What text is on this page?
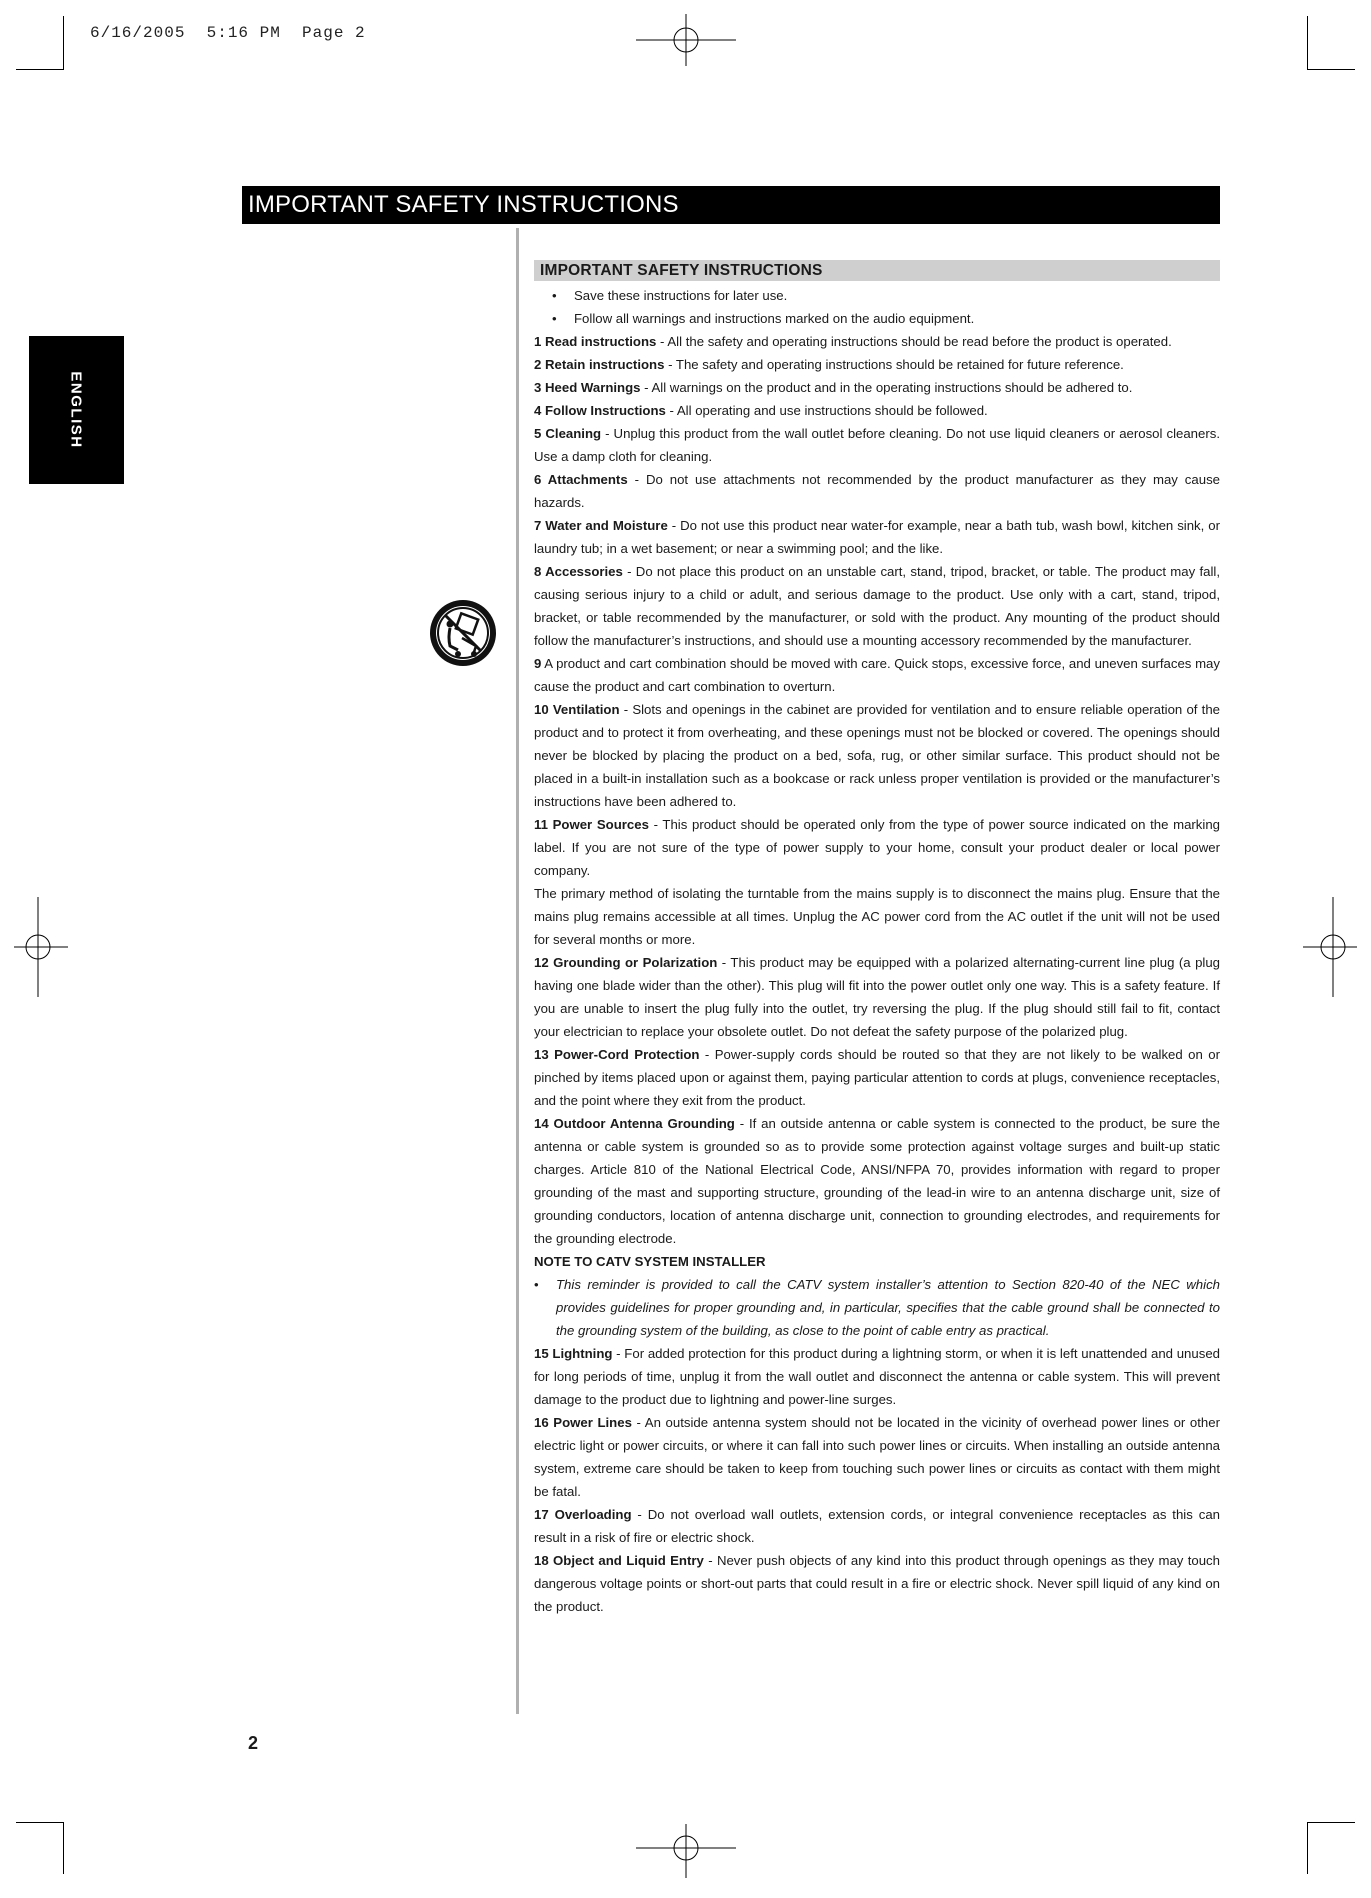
6/16/2005  5:16 PM  Page 2
IMPORTANT SAFETY INSTRUCTIONS
ENGLISH
IMPORTANT SAFETY INSTRUCTIONS
•	Save these instructions for later use.
•	Follow all warnings and instructions marked on the audio equipment.

1 Read instructions - All the safety and operating instructions should be read before the product is operated.

2 Retain instructions - The safety and operating instructions should be retained for future reference.

3 Heed Warnings - All warnings on the product and in the operating instructions should be adhered to.

4 Follow Instructions - All operating and use instructions should be followed.

5 Cleaning - Unplug this product from the wall outlet before cleaning. Do not use liquid cleaners or aerosol cleaners. Use a damp cloth for cleaning.

6 Attachments - Do not use attachments not recommended by the product manufacturer as they may cause hazards.

7 Water and Moisture - Do not use this product near water-for example, near a bath tub, wash bowl, kitchen sink, or laundry tub; in a wet basement; or near a swimming pool; and the like.

8 Accessories - Do not place this product on an unstable cart, stand, tripod, bracket, or table. The product may fall, causing serious injury to a child or adult, and serious damage to the product. Use only with a cart, stand, tripod, bracket, or table recommended by the manufacturer, or sold with the product. Any mounting of the product should follow the manufacturer’s instructions, and should use a mounting accessory recommended by the manufacturer.

9 A product and cart combination should be moved with care. Quick stops, excessive force, and uneven surfaces may cause the product and cart combination to overturn.

10 Ventilation - Slots and openings in the cabinet are provided for ventilation and to ensure reliable operation of the product and to protect it from overheating, and these openings must not be blocked or covered. The openings should never be blocked by placing the product on a bed, sofa, rug, or other similar surface. This product should not be placed in a built-in installation such as a bookcase or rack unless proper ventilation is provided or the manufacturer’s instructions have been adhered to.

11 Power Sources - This product should be operated only from the type of power source indicated on the marking label. If you are not sure of the type of power supply to your home, consult your product dealer or local power company.

The primary method of isolating the turntable from the mains supply is to disconnect the mains plug. Ensure that the mains plug remains accessible at all times. Unplug the AC power cord from the AC outlet if the unit will not be used for several months or more.

12 Grounding or Polarization - This product may be equipped with a polarized alternating-current line plug (a plug having one blade wider than the other). This plug will fit into the power outlet only one way. This is a safety feature. If you are unable to insert the plug fully into the outlet, try reversing the plug. If the plug should still fail to fit, contact your electrician to replace your obsolete outlet. Do not defeat the safety purpose of the polarized plug.

13 Power-Cord Protection - Power-supply cords should be routed so that they are not likely to be walked on or pinched by items placed upon or against them, paying particular attention to cords at plugs, convenience receptacles, and the point where they exit from the product.

14 Outdoor Antenna Grounding - If an outside antenna or cable system is connected to the product, be sure the antenna or cable system is grounded so as to provide some protection against voltage surges and built-up static charges. Article 810 of the National Electrical Code, ANSI/NFPA 70, provides information with regard to proper grounding of the mast and supporting structure, grounding of the lead-in wire to an antenna discharge unit, size of grounding conductors, location of antenna discharge unit, connection to grounding electrodes, and requirements for the grounding electrode.

NOTE TO CATV SYSTEM INSTALLER
•	This reminder is provided to call the CATV system installer’s attention to Section 820-40 of the NEC which provides guidelines for proper grounding and, in particular, specifies that the cable ground shall be connected to the grounding system of the building, as close to the point of cable entry as practical.

15 Lightning - For added protection for this product during a lightning storm, or when it is left unattended and unused for long periods of time, unplug it from the wall outlet and disconnect the antenna or cable system. This will prevent damage to the product due to lightning and power-line surges.

16 Power Lines - An outside antenna system should not be located in the vicinity of overhead power lines or other electric light or power circuits, or where it can fall into such power lines or circuits. When installing an outside antenna system, extreme care should be taken to keep from touching such power lines or circuits as contact with them might be fatal.

17 Overloading - Do not overload wall outlets, extension cords, or integral convenience receptacles as this can result in a risk of fire or electric shock.

18 Object and Liquid Entry - Never push objects of any kind into this product through openings as they may touch dangerous voltage points or short-out parts that could result in a fire or electric shock. Never spill liquid of any kind on the product.

2
